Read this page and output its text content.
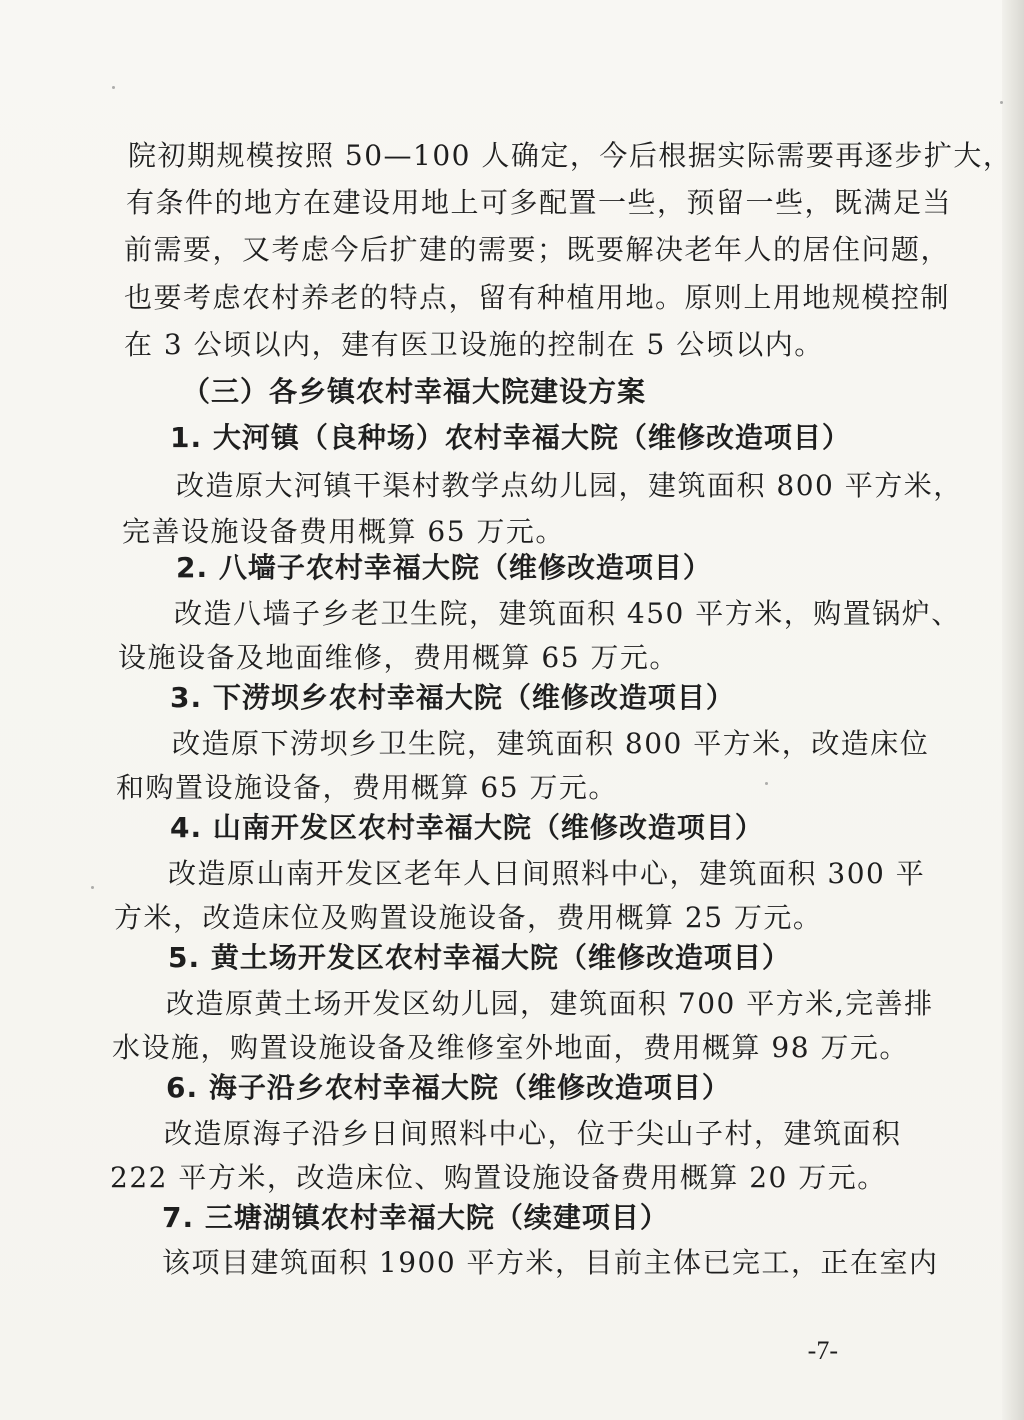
院初期规模按照 50—100 人确定，今后根据实际需要再逐步扩大，
有条件的地方在建设用地上可多配置一些，预留一些，既满足当
前需要，又考虑今后扩建的需要；既要解决老年人的居住问题，
也要考虑农村养老的特点，留有种植用地。原则上用地规模控制
在 3 公顷以内，建有医卫设施的控制在 5 公顷以内。
（三）各乡镇农村幸福大院建设方案
1. 大河镇（良种场）农村幸福大院（维修改造项目）
改造原大河镇干渠村教学点幼儿园，建筑面积 800 平方米，
完善设施设备费用概算 65 万元。
2. 八墙子农村幸福大院（维修改造项目）
改造八墙子乡老卫生院，建筑面积 450 平方米，购置锅炉、
设施设备及地面维修，费用概算 65 万元。
3. 下涝坝乡农村幸福大院（维修改造项目）
改造原下涝坝乡卫生院，建筑面积 800 平方米，改造床位
和购置设施设备，费用概算 65 万元。
4. 山南开发区农村幸福大院（维修改造项目）
改造原山南开发区老年人日间照料中心，建筑面积 300 平
方米，改造床位及购置设施设备，费用概算 25 万元。
5. 黄土场开发区农村幸福大院（维修改造项目）
改造原黄土场开发区幼儿园，建筑面积 700 平方米,完善排
水设施，购置设施设备及维修室外地面，费用概算 98 万元。
6. 海子沿乡农村幸福大院（维修改造项目）
改造原海子沿乡日间照料中心，位于尖山子村，建筑面积
222 平方米，改造床位、购置设施设备费用概算 20 万元。
7. 三塘湖镇农村幸福大院（续建项目）
该项目建筑面积 1900 平方米，目前主体已完工，正在室内
-7-
